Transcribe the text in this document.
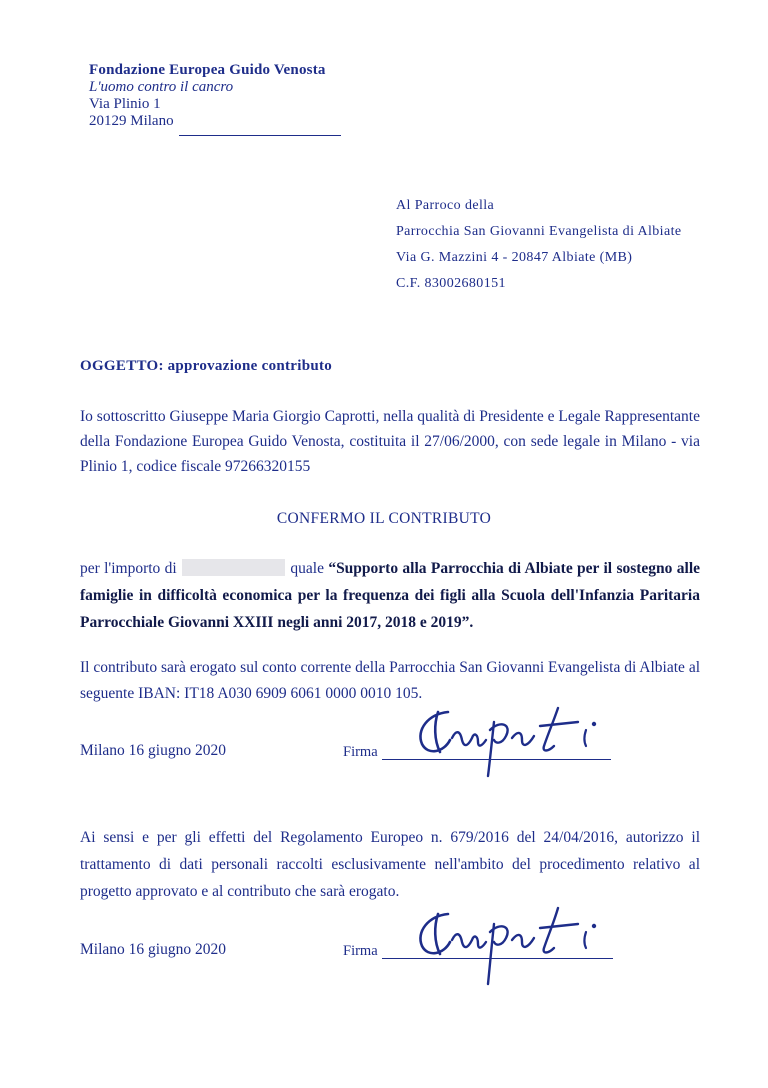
Fondazione Europea Guido Venosta
L'uomo contro il cancro
Via Plinio 1
20129 Milano
Al Parroco della
Parrocchia San Giovanni Evangelista di Albiate
Via G. Mazzini 4 - 20847 Albiate (MB)
C.F. 83002680151
OGGETTO: approvazione contributo

Io sottoscritto Giuseppe Maria Giorgio Caprotti, nella qualità di Presidente e Legale Rappresentante della Fondazione Europea Guido Venosta, costituita il 27/06/2000, con sede legale in Milano - via Plinio 1, codice fiscale 97266320155

CONFERMO IL CONTRIBUTO

per l'importo di	quale “Supporto alla Parrocchia di Albiate per il sostegno alle famiglie in difficoltà economica per la frequenza dei figli alla Scuola dell'Infanzia Paritaria Parrocchiale Giovanni XXIII negli anni 2017, 2018 e 2019”.

Il contributo sarà erogato sul conto corrente della Parrocchia San Giovanni Evangelista di Albiate al seguente IBAN: IT18 A030 6909 6061 0000 0010 105.

Milano 16 giugno 2020	Firma

Ai sensi e per gli effetti del Regolamento Europeo n. 679/2016 del 24/04/2016, autorizzo il trattamento di dati personali raccolti esclusivamente nell'ambito del procedimento relativo al progetto approvato e al contributo che sarà erogato.

Milano 16 giugno 2020	Firma
